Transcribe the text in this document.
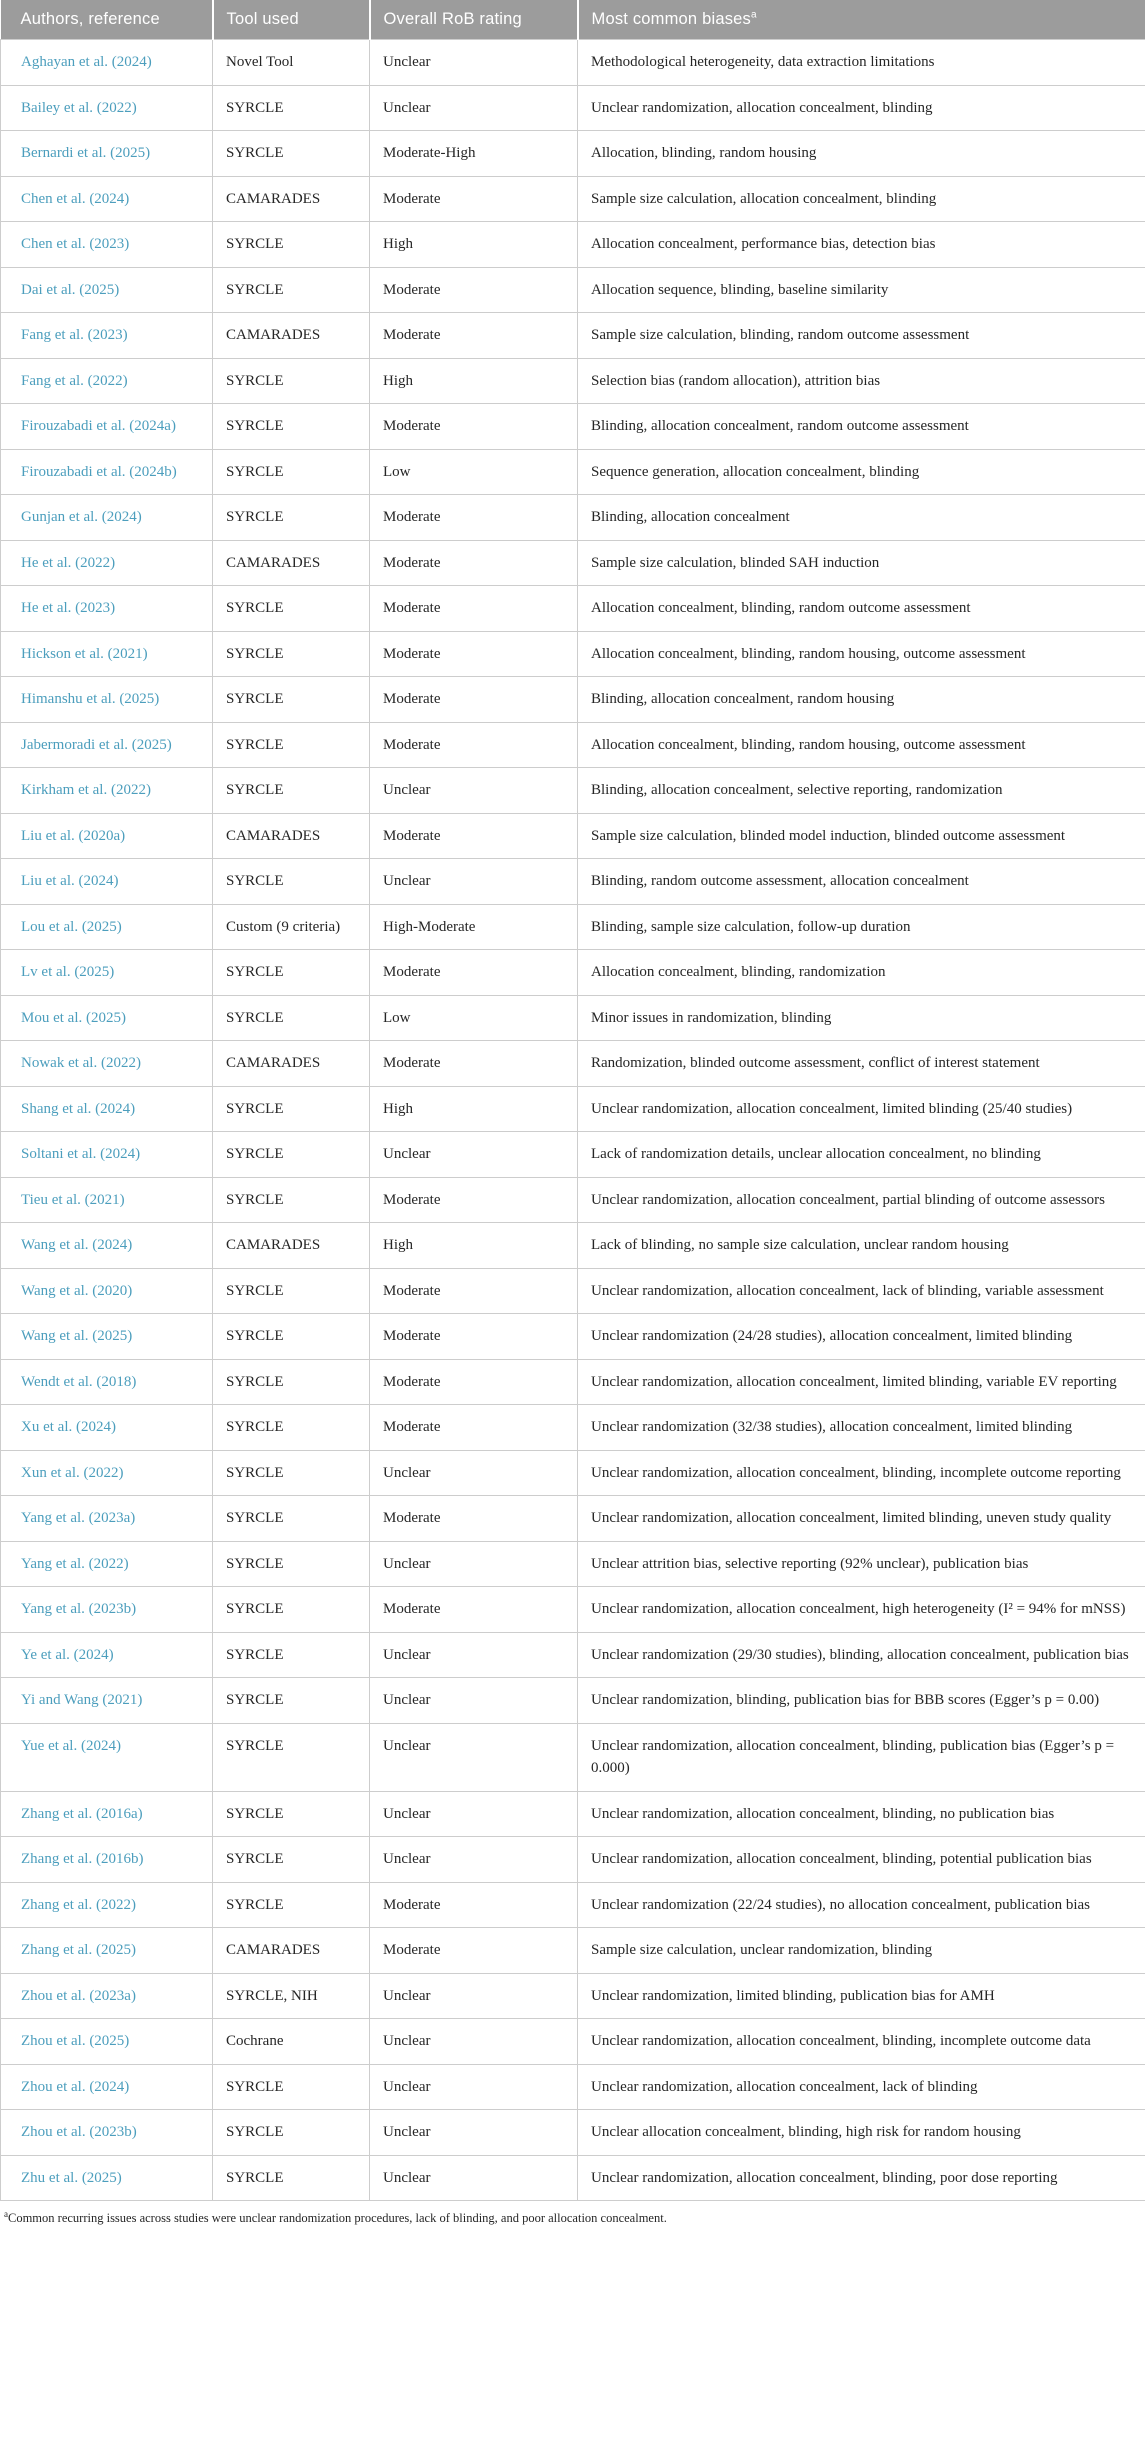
Authors, reference	Tool used	Overall RoB rating	Most common biases$^a$
Aghayan et al. (2024)	Novel Tool	Unclear	Methodological heterogeneity, data extraction limitations
Bailey et al. (2022)	SYRCLE	Unclear	Unclear randomization, allocation concealment, blinding
Bernardi et al. (2025)	SYRCLE	Moderate-High	Allocation, blinding, random housing
Chen et al. (2024)	CAMARADES	Moderate	Sample size calculation, allocation concealment, blinding
Chen et al. (2023)	SYRCLE	High	Allocation concealment, performance bias, detection bias
Dai et al. (2025)	SYRCLE	Moderate	Allocation sequence, blinding, baseline similarity
Fang et al. (2023)	CAMARADES	Moderate	Sample size calculation, blinding, random outcome assessment
Fang et al. (2022)	SYRCLE	High	Selection bias (random allocation), attrition bias
Firouzabadi et al. (2024a)	SYRCLE	Moderate	Blinding, allocation concealment, random outcome assessment
Firouzabadi et al. (2024b)	SYRCLE	Low	Sequence generation, allocation concealment, blinding
Gunjan et al. (2024)	SYRCLE	Moderate	Blinding, allocation concealment
He et al. (2022)	CAMARADES	Moderate	Sample size calculation, blinded SAH induction
He et al. (2023)	SYRCLE	Moderate	Allocation concealment, blinding, random outcome assessment
Hickson et al. (2021)	SYRCLE	Moderate	Allocation concealment, blinding, random housing, outcome assessment
Himanshu et al. (2025)	SYRCLE	Moderate	Blinding, allocation concealment, random housing
Jabermoradi et al. (2025)	SYRCLE	Moderate	Allocation concealment, blinding, random housing, outcome assessment
Kirkham et al. (2022)	SYRCLE	Unclear	Blinding, allocation concealment, selective reporting, randomization
Liu et al. (2020a)	CAMARADES	Moderate	Sample size calculation, blinded model induction, blinded outcome assessment
Liu et al. (2024)	SYRCLE	Unclear	Blinding, random outcome assessment, allocation concealment
Lou et al. (2025)	Custom (9 criteria)	High-Moderate	Blinding, sample size calculation, follow-up duration
Lv et al. (2025)	SYRCLE	Moderate	Allocation concealment, blinding, randomization
Mou et al. (2025)	SYRCLE	Low	Minor issues in randomization, blinding
Nowak et al. (2022)	CAMARADES	Moderate	Randomization, blinded outcome assessment, conflict of interest statement
Shang et al. (2024)	SYRCLE	High	Unclear randomization, allocation concealment, limited blinding (25/40 studies)
Soltani et al. (2024)	SYRCLE	Unclear	Lack of randomization details, unclear allocation concealment, no blinding
Tieu et al. (2021)	SYRCLE	Moderate	Unclear randomization, allocation concealment, partial blinding of outcome assessors
Wang et al. (2024)	CAMARADES	High	Lack of blinding, no sample size calculation, unclear random housing
Wang et al. (2020)	SYRCLE	Moderate	Unclear randomization, allocation concealment, lack of blinding, variable assessment
Wang et al. (2025)	SYRCLE	Moderate	Unclear randomization (24/28 studies), allocation concealment, limited blinding
Wendt et al. (2018)	SYRCLE	Moderate	Unclear randomization, allocation concealment, limited blinding, variable EV reporting
Xu et al. (2024)	SYRCLE	Moderate	Unclear randomization (32/38 studies), allocation concealment, limited blinding
Xun et al. (2022)	SYRCLE	Unclear	Unclear randomization, allocation concealment, blinding, incomplete outcome reporting
Yang et al. (2023a)	SYRCLE	Moderate	Unclear randomization, allocation concealment, limited blinding, uneven study quality
Yang et al. (2022)	SYRCLE	Unclear	Unclear attrition bias, selective reporting (92% unclear), publication bias
Yang et al. (2023b)	SYRCLE	Moderate	Unclear randomization, allocation concealment, high heterogeneity (I² = 94% for mNSS)
Ye et al. (2024)	SYRCLE	Unclear	Unclear randomization (29/30 studies), blinding, allocation concealment, publication bias
Yi and Wang (2021)	SYRCLE	Unclear	Unclear randomization, blinding, publication bias for BBB scores (Egger’s p = 0.00)
Yue et al. (2024)	SYRCLE	Unclear	Unclear randomization, allocation concealment, blinding, publication bias (Egger’s p = 0.000)
Zhang et al. (2016a)	SYRCLE	Unclear	Unclear randomization, allocation concealment, blinding, no publication bias
Zhang et al. (2016b)	SYRCLE	Unclear	Unclear randomization, allocation concealment, blinding, potential publication bias
Zhang et al. (2022)	SYRCLE	Moderate	Unclear randomization (22/24 studies), no allocation concealment, publication bias
Zhang et al. (2025)	CAMARADES	Moderate	Sample size calculation, unclear randomization, blinding
Zhou et al. (2023a)	SYRCLE, NIH	Unclear	Unclear randomization, limited blinding, publication bias for AMH
Zhou et al. (2025)	Cochrane	Unclear	Unclear randomization, allocation concealment, blinding, incomplete outcome data
Zhou et al. (2024)	SYRCLE	Unclear	Unclear randomization, allocation concealment, lack of blinding
Zhou et al. (2023b)	SYRCLE	Unclear	Unclear allocation concealment, blinding, high risk for random housing
Zhu et al. (2025)	SYRCLE	Unclear	Unclear randomization, allocation concealment, blinding, poor dose reporting
$^a$Common recurring issues across studies were unclear randomization procedures, lack of blinding, and poor allocation concealment.
